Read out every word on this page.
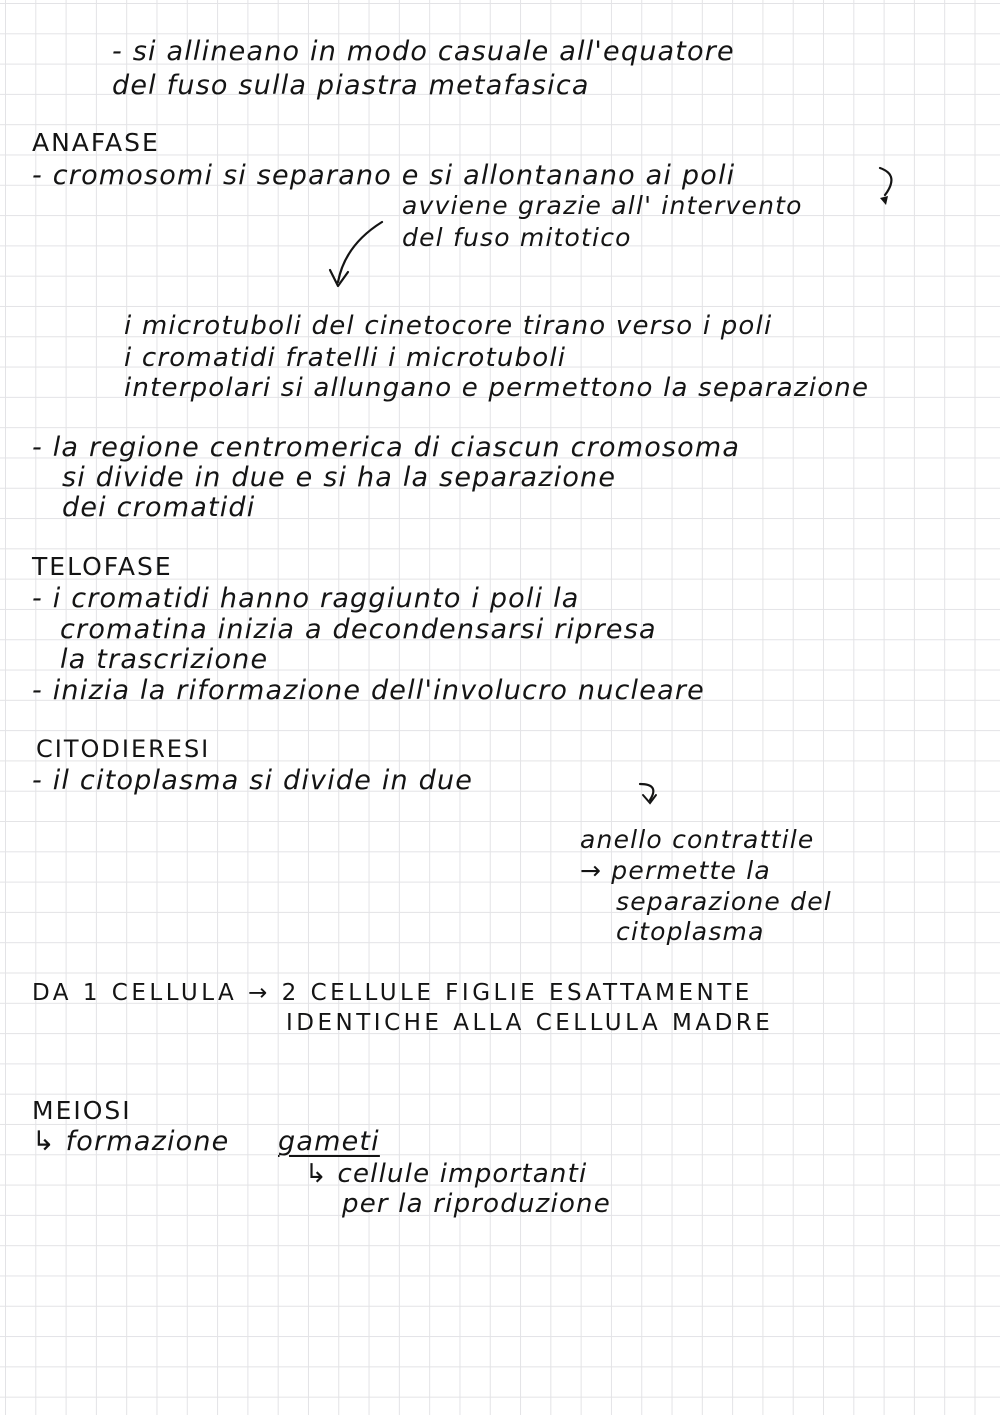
- si allineano in modo casuale all'equatore
del fuso sulla piastra metafasica
ANAFASE
- cromosomi si separano e si allontanano ai poli
avviene grazie all' intervento
del fuso mitotico
i microtuboli del cinetocore tirano verso i poli
i cromatidi fratelli i microtuboli
interpolari si allungano e permettono la separazione
- la regione centromerica di ciascun cromosoma
si divide in due e si ha la separazione
dei cromatidi
TELOFASE
- i cromatidi hanno raggiunto i poli la
cromatina inizia a decondensarsi ripresa
la trascrizione
- inizia la riformazione dell'involucro nucleare
CITODIERESI
- il citoplasma si divide in due
anello contrattile
→ permette la
separazione del
citoplasma
DA 1 CELLULA → 2 CELLULE FIGLIE ESATTAMENTE
IDENTICHE ALLA CELLULA MADRE
MEIOSI
↳ formazione gameti
↳ cellule importanti
per la riproduzione
